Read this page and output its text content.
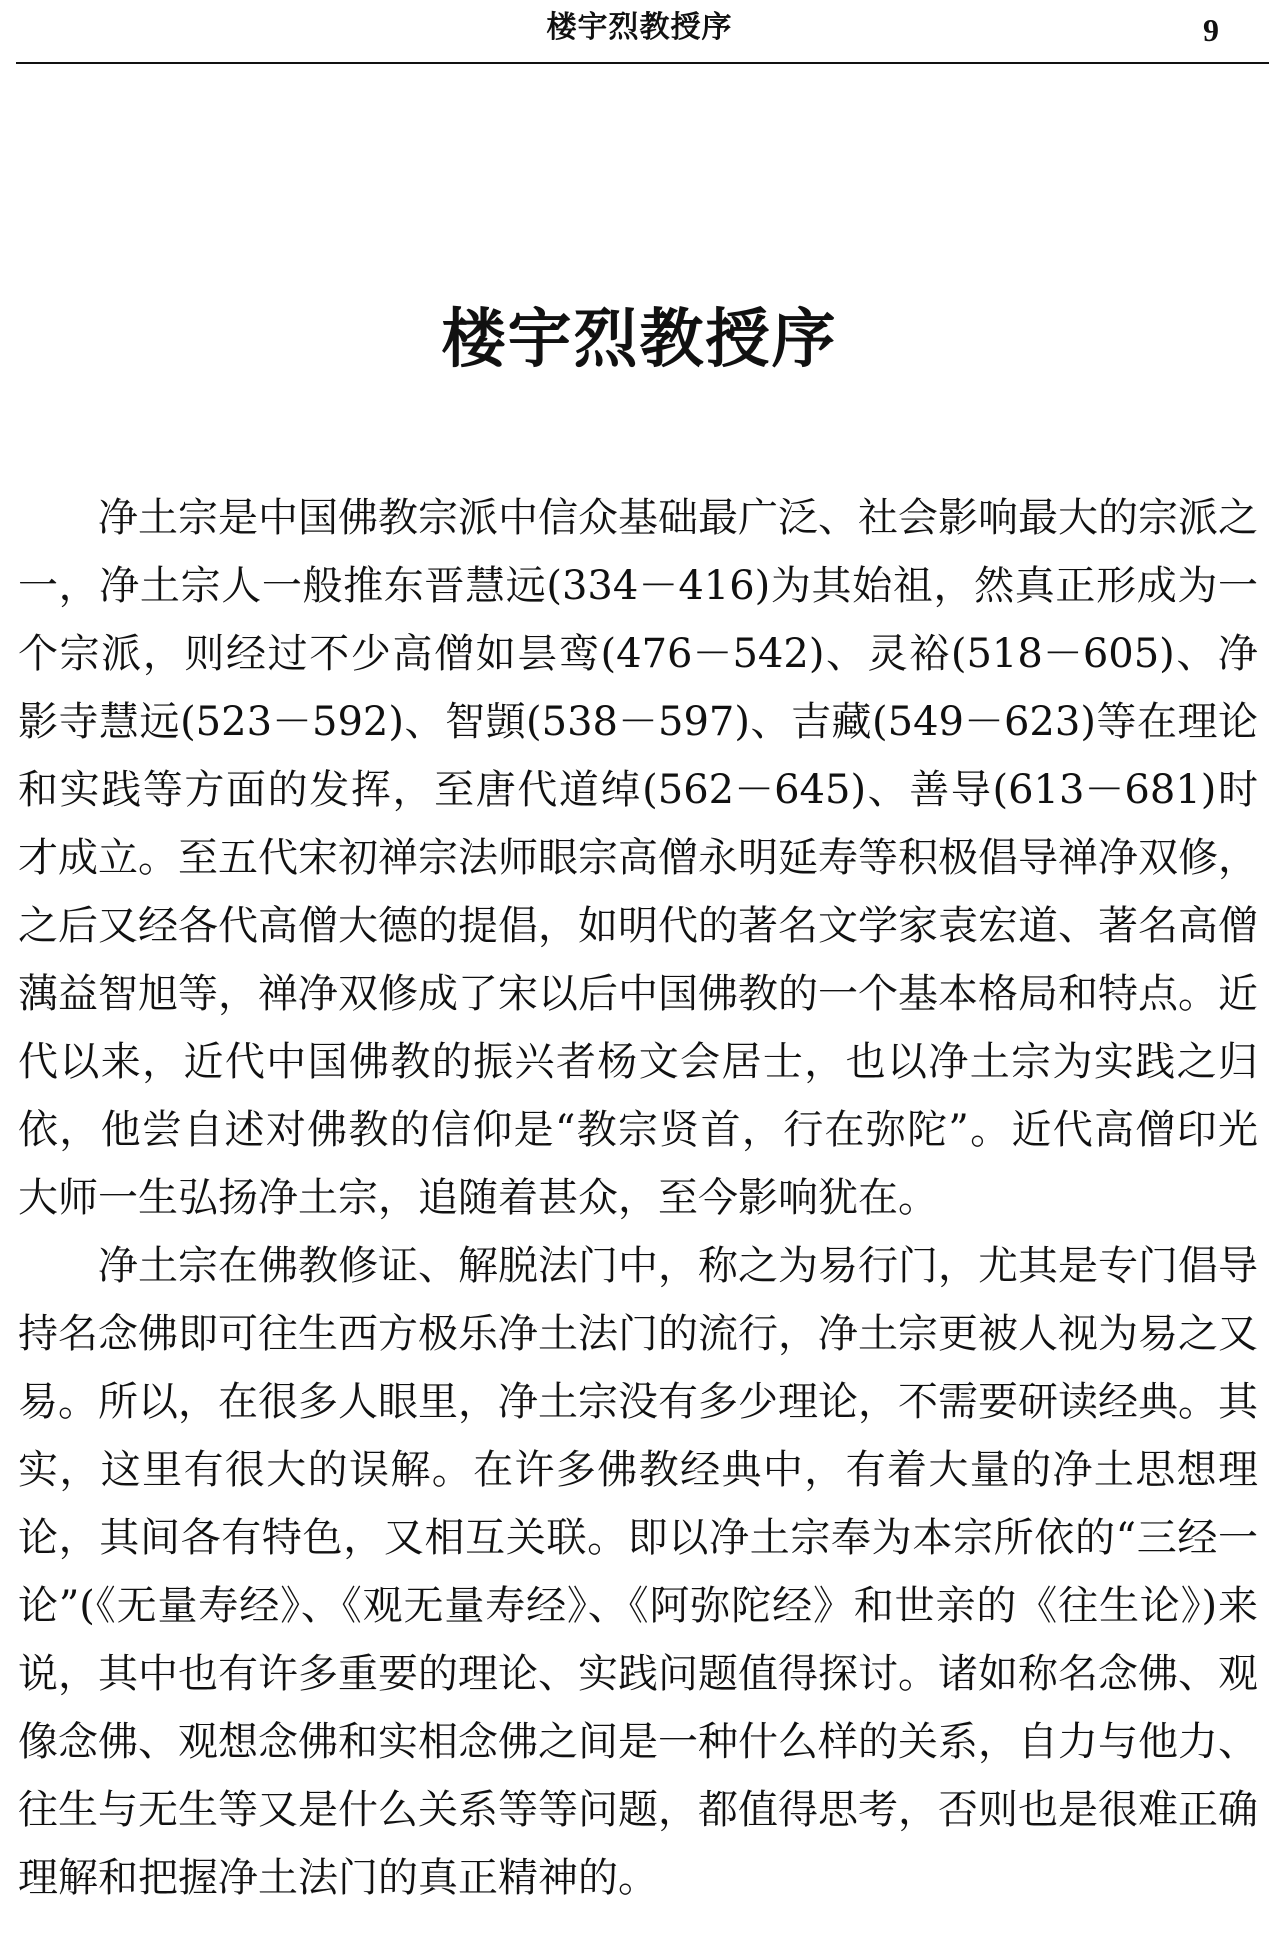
楼宇烈教授序	9
楼宇烈教授序

净土宗是中国佛教宗派中信众基础最广泛、社会影响最大的宗派之一，净土宗人一般推东晋慧远(334－416)为其始祖，然真正形成为一个宗派，则经过不少高僧如昙鸾(476－542)、灵裕(518－605)、净影寺慧远(523－592)、智顗(538－597)、吉藏(549－623)等在理论和实践等方面的发挥，至唐代道绰(562－645)、善导(613－681)时才成立。至五代宋初禅宗法师眼宗高僧永明延寿等积极倡导禅净双修，之后又经各代高僧大德的提倡，如明代的著名文学家袁宏道、著名高僧蕅益智旭等，禅净双修成了宋以后中国佛教的一个基本格局和特点。近代以来，近代中国佛教的振兴者杨文会居士，也以净土宗为实践之归依，他尝自述对佛教的信仰是“教宗贤首，行在弥陀”。近代高僧印光大师一生弘扬净土宗，追随着甚众，至今影响犹在。

净土宗在佛教修证、解脱法门中，称之为易行门，尤其是专门倡导持名念佛即可往生西方极乐净土法门的流行，净土宗更被人视为易之又易。所以，在很多人眼里，净土宗没有多少理论，不需要研读经典。其实，这里有很大的误解。在许多佛教经典中，有着大量的净土思想理论，其间各有特色，又相互关联。即以净土宗奉为本宗所依的“三经一论”(《无量寿经》、《观无量寿经》、《阿弥陀经》和世亲的《往生论》)来说，其中也有许多重要的理论、实践问题值得探讨。诸如称名念佛、观像念佛、观想念佛和实相念佛之间是一种什么样的关系，自力与他力、往生与无生等又是什么关系等等问题，都值得思考，否则也是很难正确理解和把握净土法门的真正精神的。
